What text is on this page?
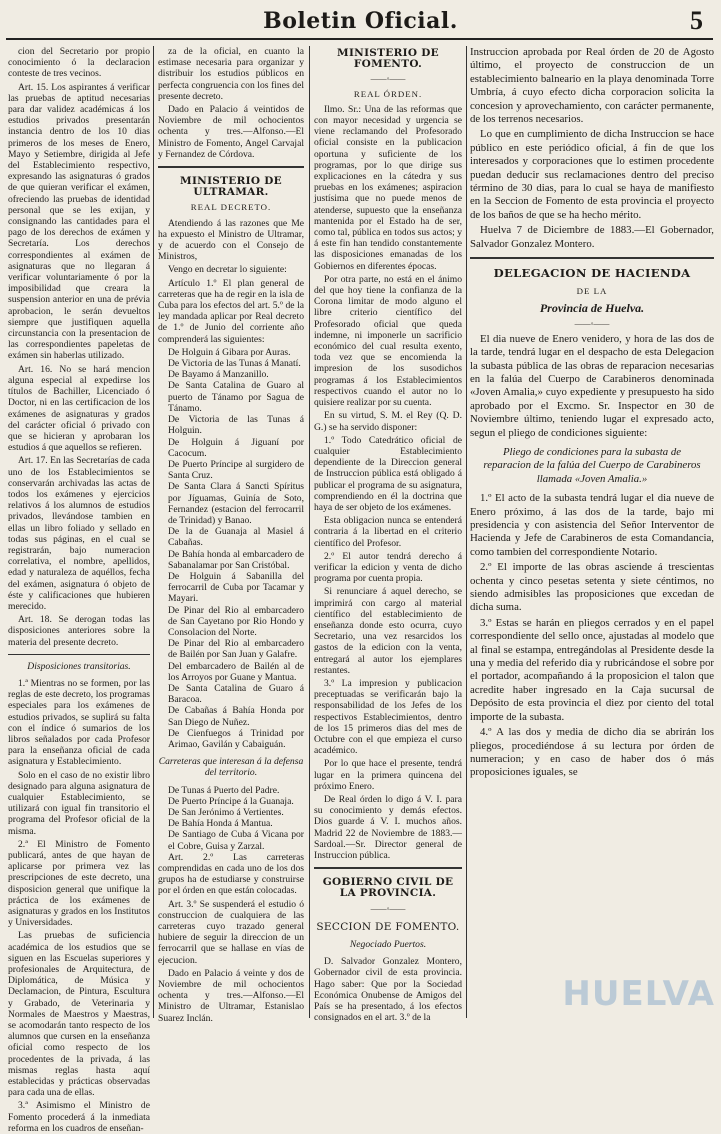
Boletin Oficial.	5

cion del Secretario por propio conocimiento ó la declaracion conteste de tres vecinos.

Art. 15. Los aspirantes á verificar las pruebas de aptitud necesarias para dar validez académicas á los estudios privados presentarán instancia dentro de los 10 dias primeros de los meses de Enero, Mayo y Setiembre, dirigida al Jefe del Establecimiento respectivo, expresando las asignaturas ó grados de que quieran verificar el exámen, ofreciendo las pruebas de identidad personal que se les exijan, y consignando las cantidades para el pago de los derechos de exámen y Secretaría. Los derechos correspondientes al exámen de asignaturas que no llegaran á verificar voluntariamente ó por la imposibilidad que creara la suspension anterior en una de prévia aprobacion, le serán devueltos siempre que justifiquen aquella circunstancia con la presentacion de las correspondientes papeletas de exámen sin haberlas utilizado.

Art. 16. No se hará mencion alguna especial al expedirse los títulos de Bachiller, Licenciado ó Doctor, ni en las certificacion de los exámenes de asignaturas y grados del carácter oficial ó privado con que se hicieran y aprobaran los estudios á que aquellos se refieren.

Art. 17. En las Secretarías de cada uno de los Establecimientos se conservarán archivadas las actas de todos los exámenes y ejercicios relativos á los alumnos de estudios privados, llevándose tambien en ellas un libro foliado y sellado en todas sus páginas, en el cual se registrarán, bajo numeracion correlativa, el nombre, apellidos, edad y naturaleza de aquéllos, fecha del exámen, asignatura ó objeto de éste y calificaciones que hubieren merecido.

Art. 18. Se derogan todas las disposiciones anteriores sobre la materia del presente decreto.

Disposiciones transitorias.

1.ª Mientras no se formen, por las reglas de este decreto, los programas especiales para los exámenes de estudios privados, se suplirá su falta con el índice ó sumarios de los libros señalados por cada Profesor para la enseñanza oficial de cada asignatura y Establecimiento.

Solo en el caso de no existir libro designado para alguna asignatura de cualquier Establecimiento, se utilizará con igual fin transitorio el programa del Profesor oficial de la misma.

2.ª El Ministro de Fomento publicará, antes de que hayan de aplicarse por primera vez las prescripciones de este decreto, una disposicion general que unifique la práctica de los exámenes de asignaturas y grados en los Institutos y Universidades.

Las pruebas de suficiencia académica de los estudios que se siguen en las Escuelas superiores y profesionales de Arquitectura, de Diplomática, de Música y Declamacion, de Pintura, Escultura y Grabado, de Veterinaria y Normales de Maestros y Maestras, se acomodarán tanto respecto de los alumnos que cursen en la enseñanza oficial como respecto de los procedentes de la privada, á las mismas reglas hasta aquí establecidas y prácticas observadas para cada una de ellas.

3.ª Asimismo el Ministro de Fomento procederá á la inmediata reforma en los cuadros de enseñan-

za de la oficial, en cuanto la estimase necesaria para organizar y distribuir los estudios públicos en perfecta congruencia con los fines del presente decreto.

Dado en Palacio á veintidos de Noviembre de mil ochocientos ochenta y tres.—Alfonso.—El Ministro de Fomento, Angel Carvajal y Fernandez de Córdova.

MINISTERIO DE ULTRAMAR.

REAL DECRETO.

Atendiendo á las razones que Me ha expuesto el Ministro de Ultramar, y de acuerdo con el Consejo de Ministros,

Vengo en decretar lo siguiente:

Artículo 1.º El plan general de carreteras que ha de regir en la isla de Cuba para los efectos del art. 5.º de la ley mandada aplicar por Real decreto de 1.º de Junio del corriente año comprenderá las siguientes:

De Holguin á Gibara por Auras.

De Victoria de las Tunas á Manatí.

De Bayamo á Manzanillo.

De Santa Catalina de Guaro al puerto de Tánamo por Sagua de Tánamo.

De Victoria de las Tunas á Holguin.

De Holguin á Jiguaní por Cacocum.

De Puerto Príncipe al surgidero de Santa Cruz.

De Santa Clara á Sancti Spíritus por Jíguamas, Guinía de Soto, Fernandez (estacion del ferrocarril de Trinidad) y Banao.

De la de Guanaja al Masiel á Cabañas.

De Bahía honda al embarcadero de Sabanalamar por San Cristóbal.

De Holguin á Sabanilla del ferrocarril de Cuba por Tacamar y Mayari.

De Pinar del Rio al embarcadero de San Cayetano por Rio Hondo y Consolacion del Norte.

De Pinar del Rio al embarcadero de Bailén por San Juan y Galafre.

Del embarcadero de Bailén al de los Arroyos por Guane y Mantua.

De Santa Catalina de Guaro á Baracoa.

De Cabañas á Bahía Honda por San Diego de Nuñez.

De Cienfuegos á Trinidad por Arimao, Gavilán y Cabaiguán.

Carreteras que interesan á la defensa del territorio.

De Tunas á Puerto del Padre.

De Puerto Príncipe á la Guanaja.

De San Jerónimo á Vertientes.

De Bahía Honda á Mantua.

De Santiago de Cuba á Vicana por el Cobre, Guisa y Zarzal.

Art. 2.º Las carreteras comprendidas en cada uno de los dos grupos ha de estudiarse y construirse por el órden en que están colocadas.

Art. 3.º Se suspenderá el estudio ó construccion de cualquiera de las carreteras cuyo trazado general hubiere de seguir la direccion de un ferrocarril que se hallase en vías de ejecucion.

Dado en Palacio á veinte y dos de Noviembre de mil ochocientos ochenta y tres.—Alfonso.—El Ministro de Ultramar, Estanislao Suarez Inclán.

MINISTERIO DE FOMENTO.

——◦——

REAL ÓRDEN.

Ilmo. Sr.: Una de las reformas que con mayor necesidad y urgencia se viene reclamando del Profesorado oficial consiste en la publicacion oportuna y suficiente de los programas, por lo que dirige sus explicaciones en la cátedra y sus pruebas en los exámenes; aspiracion justísima que no puede menos de atenderse, supuesto que la enseñanza mantenida por el Estado ha de ser, como tal, pública en todos sus actos; y á este fin han tendido constantemente las disposiciones emanadas de los Gobiernos en diferentes épocas.

Por otra parte, no está en el ánimo del que hoy tiene la confianza de la Corona limitar de modo alguno el libre criterio científico del Profesorado oficial que queda indemne, ni imponerle un sacrificio económico del cual resulta exento, toda vez que se encomienda la impresion de los susodichos programas á los Establecimientos respectivos cuando el autor no lo quisiere realizar por su cuenta.

En su virtud, S. M. el Rey (Q. D. G.) se ha servido disponer:

1.º Todo Catedrático oficial de cualquier Establecimiento dependiente de la Direccion general de Instruccion pública está obligado á publicar el programa de su asignatura, comprendiendo en él la doctrina que haya de ser objeto de los exámenes.

Esta obligacion nunca se entenderá contraria á la libertad en el criterio científico del Profesor.

2.º El autor tendrá derecho á verificar la edicion y venta de dicho programa por cuenta propia.

Si renunciare á aquel derecho, se imprimirá con cargo al material científico del establecimiento de enseñanza donde esto ocurra, cuyo Secretario, una vez resarcidos los gastos de la edicion con la venta, entregará al autor los ejemplares restantes.

3.º La impresion y publicacion preceptuadas se verificarán bajo la responsabilidad de los Jefes de los respectivos Establecimientos, dentro de los 15 primeros dias del mes de Octubre con el que empieza el curso académico.

Por lo que hace el presente, tendrá lugar en la primera quincena del próximo Enero.

De Real órden lo digo á V. I. para su conocimiento y demás efectos. Dios guarde á V. I. muchos años. Madrid 22 de Noviembre de 1883.—Sardoal.—Sr. Director general de Instruccion pública.

GOBIERNO CIVIL DE LA PROVINCIA.

——◦——

SECCION DE FOMENTO.

Negociado Puertos.

D. Salvador Gonzalez Montero, Gobernador civil de esta provincia. Hago saber: Que por la Sociedad Económica Onubense de Amigos del País se ha presentado, á los efectos consignados en el art. 3.º de la

Instruccion aprobada por Real órden de 20 de Agosto último, el proyecto de construccion de un establecimiento balneario en la playa denominada Torre Umbría, á cuyo efecto dicha corporacion solicita la concesion y aprovechamiento, con carácter permanente, de los terrenos necesarios.

Lo que en cumplimiento de dicha Instruccion se hace público en este periódico oficial, á fin de que los interesados y corporaciones que lo estimen procedente puedan deducir sus reclamaciones dentro del preciso término de 30 dias, para lo cual se haya de manifiesto en la Seccion de Fomento de esta provincia el proyecto de los baños de que se ha hecho mérito.

Huelva 7 de Diciembre de 1883.—El Gobernador, Salvador Gonzalez Montero.

DELEGACION DE HACIENDA

DE LA

Provincia de Huelva.

——◦——

El dia nueve de Enero venidero, y hora de las dos de la tarde, tendrá lugar en el despacho de esta Delegacion la subasta pública de las obras de reparacion necesarias en la falúa del Cuerpo de Carabineros denominada «Joven Amalia,» cuyo expediente y presupuesto ha sido aprobado por el Excmo. Sr. Inspector en 30 de Noviembre último, teniendo lugar el expresado acto, segun el pliego de condiciones siguiente:

Pliego de condiciones para la subasta de reparacion de la falúa del Cuerpo de Carabineros llamada «Joven Amalia.»

1.º El acto de la subasta tendrá lugar el dia nueve de Enero próximo, á las dos de la tarde, bajo mi presidencia y con asistencia del Señor Interventor de Hacienda y Jefe de Carabineros de esta Comandancia, como tambien del correspondiente Notario.

2.º El importe de las obras asciende á trescientas ochenta y cinco pesetas setenta y siete céntimos, no siendo admisibles las proposiciones que excedan de dicha suma.

3.º Estas se harán en pliegos cerrados y en el papel correspondiente del sello once, ajustadas al modelo que al final se estampa, entregándolas al Presidente desde la una y media del referido dia y rubricándose el sobre por el portador, acompañando á la proposicion el talon que acredite haber ingresado en la Caja sucursal de Depósito de esta provincia el diez por ciento del total importe de la subasta.

4.º A las dos y media de dicho dia se abrirán los pliegos, procediéndose á su lectura por órden de numeracion; y en caso de haber dos ó más proposiciones iguales, se

HUELVA
